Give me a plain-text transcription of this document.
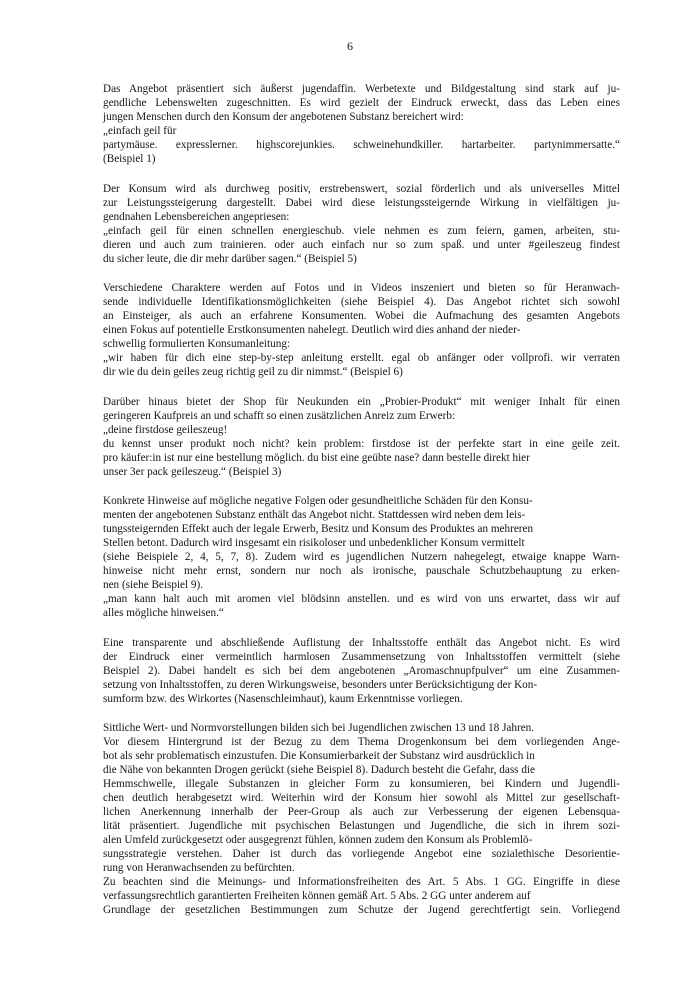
6
Das Angebot präsentiert sich äußerst jugendaffin. Werbetexte und Bildgestaltung sind stark auf ju-
gendliche Lebenswelten zugeschnitten. Es wird gezielt der Eindruck erweckt, dass das Leben eines
jungen Menschen durch den Konsum der angebotenen Substanz bereichert wird:
„einfach geil für
partymäuse. expresslerner. highscorejunkies. schweinehundkiller. hartarbeiter. partynimmersatte.“
(Beispiel 1)
Der Konsum wird als durchweg positiv, erstrebenswert, sozial förderlich und als universelles Mittel
zur Leistungssteigerung dargestellt. Dabei wird diese leistungssteigernde Wirkung in vielfältigen ju-
gendnahen Lebensbereichen angepriesen:
„einfach geil für einen schnellen energieschub. viele nehmen es zum feiern, gamen, arbeiten, stu-
dieren und auch zum trainieren. oder auch einfach nur so zum spaß. und unter #geileszeug findest
du sicher leute, die dir mehr darüber sagen.“ (Beispiel 5)
Verschiedene Charaktere werden auf Fotos und in Videos inszeniert und bieten so für Heranwach-
sende individuelle Identifikationsmöglichkeiten (siehe Beispiel 4). Das Angebot richtet sich sowohl
an Einsteiger, als auch an erfahrene Konsumenten. Wobei die Aufmachung des gesamten Angebots
einen Fokus auf potentielle Erstkonsumenten nahelegt. Deutlich wird dies anhand der nieder-
schwellig formulierten Konsumanleitung:
„wir haben für dich eine step-by-step anleitung erstellt. egal ob anfänger oder vollprofi. wir verraten
dir wie du dein geiles zeug richtig geil zu dir nimmst.“ (Beispiel 6)
Darüber hinaus bietet der Shop für Neukunden ein „Probier-Produkt“ mit weniger Inhalt für einen
geringeren Kaufpreis an und schafft so einen zusätzlichen Anreiz zum Erwerb:
„deine firstdose geileszeug!
du kennst unser produkt noch nicht? kein problem: firstdose ist der perfekte start in eine geile zeit.
pro käufer:in ist nur eine bestellung möglich. du bist eine geübte nase? dann bestelle direkt hier
unser 3er pack geileszeug.“ (Beispiel 3)
Konkrete Hinweise auf mögliche negative Folgen oder gesundheitliche Schäden für den Konsu-
menten der angebotenen Substanz enthält das Angebot nicht. Stattdessen wird neben dem leis-
tungssteigernden Effekt auch der legale Erwerb, Besitz und Konsum des Produktes an mehreren
Stellen betont. Dadurch wird insgesamt ein risikoloser und unbedenklicher Konsum vermittelt
(siehe Beispiele 2, 4, 5, 7, 8). Zudem wird es jugendlichen Nutzern nahegelegt, etwaige knappe Warn-
hinweise nicht mehr ernst, sondern nur noch als ironische, pauschale Schutzbehauptung zu erken-
nen (siehe Beispiel 9).
„man kann halt auch mit aromen viel blödsinn anstellen. und es wird von uns erwartet, dass wir auf
alles mögliche hinweisen.“
Eine transparente und abschließende Auflistung der Inhaltsstoffe enthält das Angebot nicht. Es wird
der Eindruck einer vermeintlich harmlosen Zusammensetzung von Inhaltsstoffen vermittelt (siehe
Beispiel 2). Dabei handelt es sich bei dem angebotenen „Aromaschnupfpulver“ um eine Zusammen-
setzung von Inhaltsstoffen, zu deren Wirkungsweise, besonders unter Berücksichtigung der Kon-
sumform bzw. des Wirkortes (Nasenschleimhaut), kaum Erkenntnisse vorliegen.
Sittliche Wert- und Normvorstellungen bilden sich bei Jugendlichen zwischen 13 und 18 Jahren.
Vor diesem Hintergrund ist der Bezug zu dem Thema Drogenkonsum bei dem vorliegenden Ange-
bot als sehr problematisch einzustufen. Die Konsumierbarkeit der Substanz wird ausdrücklich in
die Nähe von bekannten Drogen gerückt (siehe Beispiel 8). Dadurch besteht die Gefahr, dass die
Hemmschwelle, illegale Substanzen in gleicher Form zu konsumieren, bei Kindern und Jugendli-
chen deutlich herabgesetzt wird. Weiterhin wird der Konsum hier sowohl als Mittel zur gesellschaft-
lichen Anerkennung innerhalb der Peer-Group als auch zur Verbesserung der eigenen Lebensqua-
lität präsentiert. Jugendliche mit psychischen Belastungen und Jugendliche, die sich in ihrem sozi-
alen Umfeld zurückgesetzt oder ausgegrenzt fühlen, können zudem den Konsum als Problemlö-
sungsstrategie verstehen. Daher ist durch das vorliegende Angebot eine sozialethische Desorientie-
rung von Heranwachsenden zu befürchten.
Zu beachten sind die Meinungs- und Informationsfreiheiten des Art. 5 Abs. 1 GG. Eingriffe in diese
verfassungsrechtlich garantierten Freiheiten können gemäß Art. 5 Abs. 2 GG unter anderem auf
Grundlage der gesetzlichen Bestimmungen zum Schutze der Jugend gerechtfertigt sein. Vorliegend
